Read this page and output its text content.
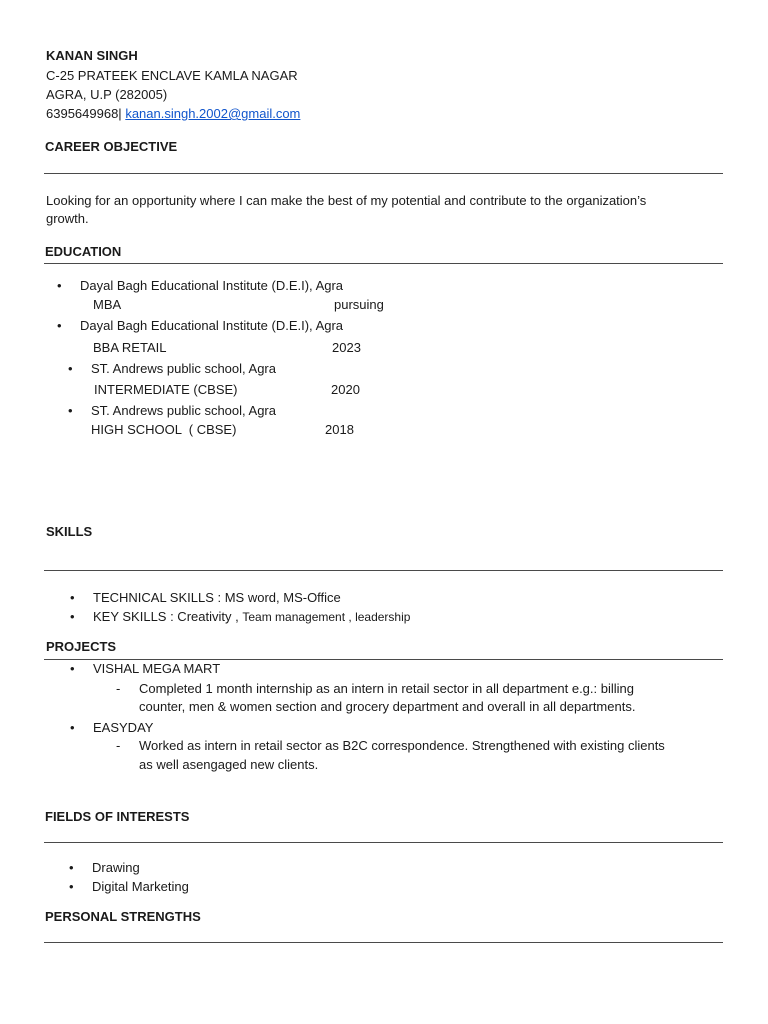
KANAN SINGH
C-25 PRATEEK ENCLAVE KAMLA NAGAR
AGRA, U.P (282005)
6395649968| kanan.singh.2002@gmail.com
CAREER OBJECTIVE
Looking for an opportunity where I can make the best of my potential and contribute to the organization’s
growth.
EDUCATION
• Dayal Bagh Educational Institute (D.E.I), Agra
MBA	pursuing
• Dayal Bagh Educational Institute (D.E.I), Agra
BBA RETAIL	2023
• ST. Andrews public school, Agra
INTERMEDIATE (CBSE)	2020
• ST. Andrews public school, Agra
HIGH SCHOOL  ( CBSE)	2018
SKILLS
• TECHNICAL SKILLS : MS word, MS-Office
• KEY SKILLS : Creativity , Team management , leadership
PROJECTS
• VISHAL MEGA MART
- Completed 1 month internship as an intern in retail sector in all department e.g.: billing
counter, men & women section and grocery department and overall in all departments.
• EASYDAY
- Worked as intern in retail sector as B2C correspondence. Strengthened with existing clients
as well asengaged new clients.
FIELDS OF INTERESTS
• Drawing
• Digital Marketing
PERSONAL STRENGTHS
